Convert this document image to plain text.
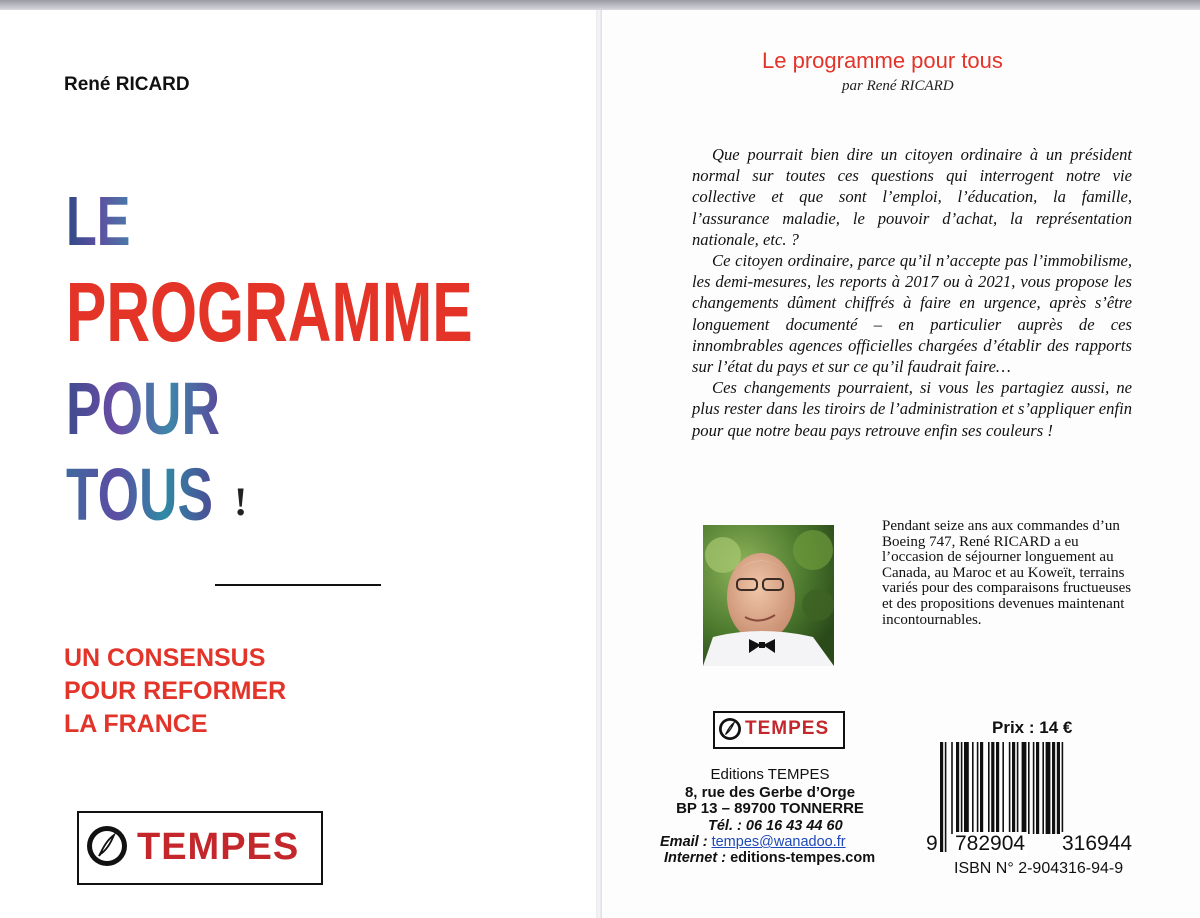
René RICARD
LE
PROGRAMME
POUR
TOUS !
UN CONSENSUS
POUR REFORMER
LA FRANCE
TEMPES
Le programme pour tous
par René RICARD

Que pourrait bien dire un citoyen ordinaire à un président normal sur toutes ces questions qui interrogent notre vie collective et que sont l’emploi, l’éducation, la famille, l’assurance maladie, le pouvoir d’achat, la représentation nationale, etc. ?

Ce citoyen ordinaire, parce qu’il n’accepte pas l’immobilisme, les demi-mesures, les reports à 2017 ou à 2021, vous propose les changements dûment chiffrés à faire en urgence, après s’être longuement documenté – en particulier auprès de ces innombrables agences officielles chargées d’établir des rapports sur l’état du pays et sur ce qu’il faudrait faire…

Ces changements pourraient, si vous les partagiez aussi, ne plus rester dans les tiroirs de l’administration et s’appliquer enfin pour que notre beau pays retrouve enfin ses couleurs !

Pendant seize ans aux commandes d’un Boeing 747, René RICARD a eu l’occasion de séjourner longuement au Canada, au Maroc et au Koweït, terrains variés pour des comparaisons fructueuses et des propositions devenues maintenant incontournables.
TEMPES
Editions TEMPES
8, rue des Gerbe d’Orge
BP 13 – 89700 TONNERRE
Tél. : 06 16 43 44 60
Email : tempes@wanadoo.fr
Internet : editions-tempes.com
Prix : 14 €
9 782904 316944
ISBN N° 2-904316-94-9
